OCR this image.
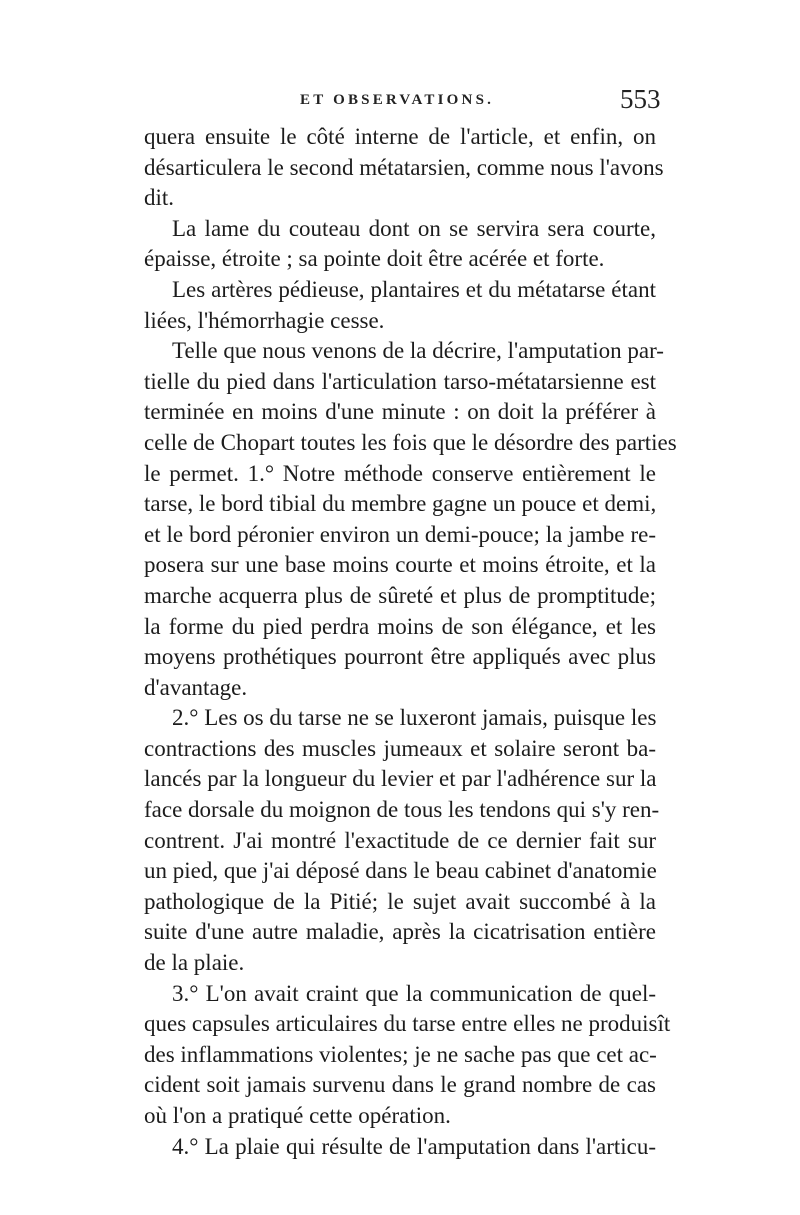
ET OBSERVATIONS.	553
quera ensuite le côté interne de l'article, et enfin, on
désarticulera le second métatarsien, comme nous l'avons
dit.
La lame du couteau dont on se servira sera courte,
épaisse, étroite ; sa pointe doit être acérée et forte.
Les artères pédieuse, plantaires et du métatarse étant
liées, l'hémorrhagie cesse.
Telle que nous venons de la décrire, l'amputation par-
tielle du pied dans l'articulation tarso-métatarsienne est
terminée en moins d'une minute : on doit la préférer à
celle de Chopart toutes les fois que le désordre des parties
le permet. 1.° Notre méthode conserve entièrement le
tarse, le bord tibial du membre gagne un pouce et demi,
et le bord péronier environ un demi-pouce; la jambe re-
posera sur une base moins courte et moins étroite, et la
marche acquerra plus de sûreté et plus de promptitude;
la forme du pied perdra moins de son élégance, et les
moyens prothétiques pourront être appliqués avec plus
d'avantage.
2.° Les os du tarse ne se luxeront jamais, puisque les
contractions des muscles jumeaux et solaire seront ba-
lancés par la longueur du levier et par l'adhérence sur la
face dorsale du moignon de tous les tendons qui s'y ren-
contrent. J'ai montré l'exactitude de ce dernier fait sur
un pied, que j'ai déposé dans le beau cabinet d'anatomie
pathologique de la Pitié; le sujet avait succombé à la
suite d'une autre maladie, après la cicatrisation entière
de la plaie.
3.° L'on avait craint que la communication de quel-
ques capsules articulaires du tarse entre elles ne produisît
des inflammations violentes; je ne sache pas que cet ac-
cident soit jamais survenu dans le grand nombre de cas
où l'on a pratiqué cette opération.
4.° La plaie qui résulte de l'amputation dans l'articu-
